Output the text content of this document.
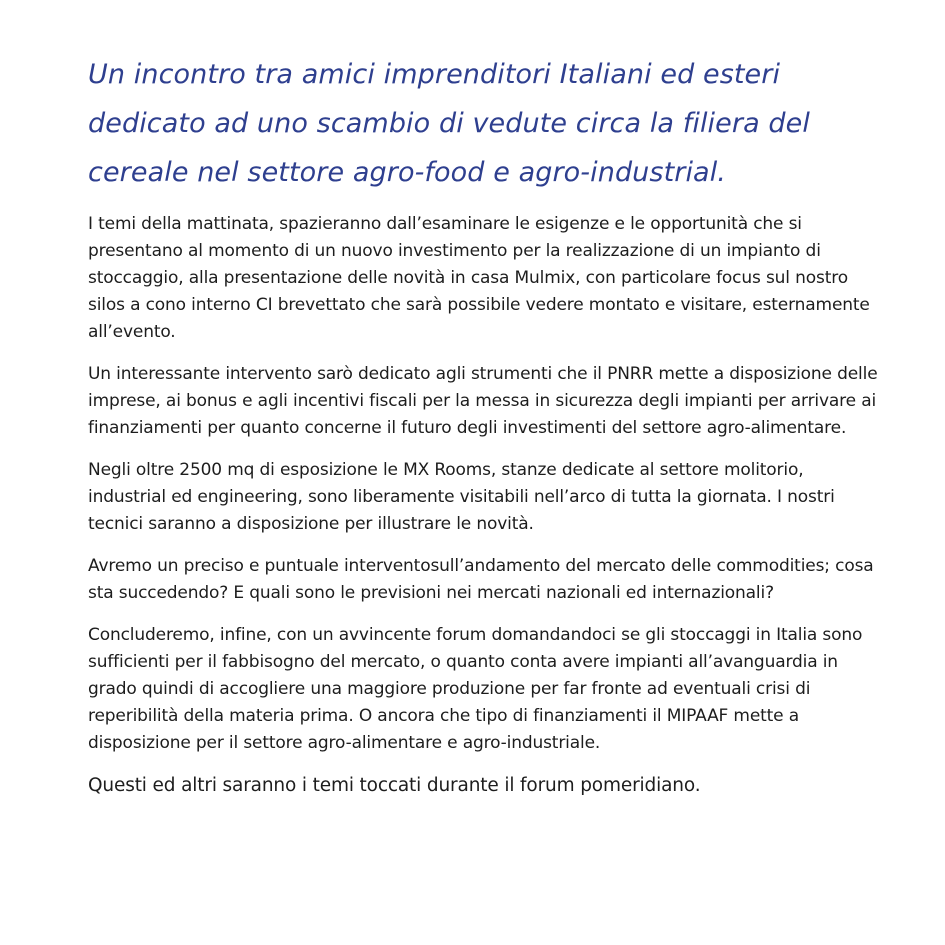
Un incontro tra amici imprenditori Italiani ed esteri dedicato ad uno scambio di vedute circa la filiera del cereale nel settore agro-food e agro-industrial.

I temi della mattinata, spazieranno dall’esaminare le esigenze e le opportunità che si presentano al momento di un nuovo investimento per la realizzazione di un impianto di stoccaggio, alla presentazione delle novità in casa Mulmix, con particolare focus sul nostro silos a cono interno CI brevettato che sarà possibile vedere montato e visitare, esternamente all’evento.

Un interessante intervento sarò dedicato agli strumenti che il PNRR mette a disposizione delle imprese, ai bonus e agli incentivi fiscali per la messa in sicurezza degli impianti per arrivare ai finanziamenti per quanto concerne il futuro degli investimenti del settore agro-alimentare.

Negli oltre 2500 mq di esposizione le MX Rooms, stanze dedicate al settore molitorio, industrial ed engineering, sono liberamente visitabili nell’arco di tutta la giornata. I nostri tecnici saranno a disposizione per illustrare le novità.

Avremo un preciso e puntuale interventosull’andamento del mercato delle commodities; cosa sta succedendo? E quali sono le previsioni nei mercati nazionali ed internazionali?

Concluderemo, infine, con un avvincente forum domandandoci se gli stoccaggi in Italia sono sufficienti per il fabbisogno del mercato, o quanto conta avere impianti all’avanguardia in grado quindi di accogliere una maggiore produzione per far fronte ad eventuali crisi di reperibilità della materia prima. O ancora che tipo di finanziamenti il MIPAAF mette a disposizione per il settore agro-alimentare e agro-industriale.

Questi ed altri saranno i temi toccati durante il forum pomeridiano.
